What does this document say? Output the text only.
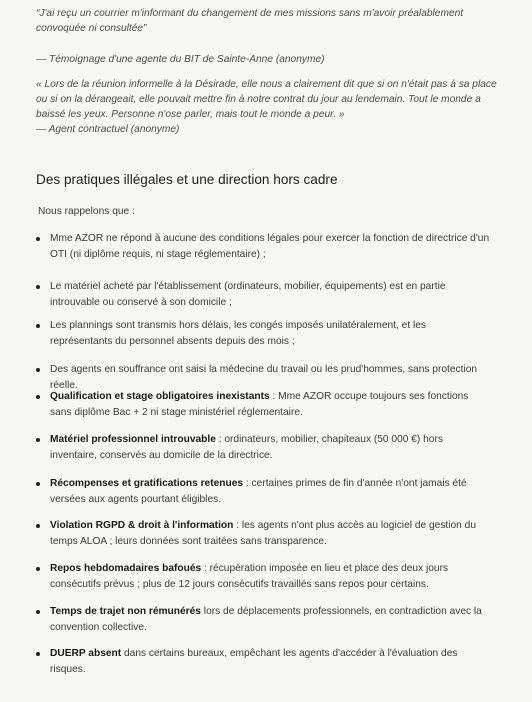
“J'ai reçu un courrier m'informant du changement de mes missions sans m'avoir préalablement convoquée ni consultée”

— Témoignage d'une agente du BIT de Sainte-Anne (anonyme)

« Lors de la réunion informelle à la Désirade, elle nous a clairement dit que si on n'était pas à sa place ou si on la dérangeait, elle pouvait mettre fin à notre contrat du jour au lendemain. Tout le monde a baissé les yeux. Personne n'ose parler, mais tout le monde a peur. »

— Agent contractuel (anonyme)

Des pratiques illégales et une direction hors cadre
Nous rappelons que :
Mme AZOR ne répond à aucune des conditions légales pour exercer la fonction de directrice d'un OTI (ni diplôme requis, ni stage réglementaire) ;
Le matériel acheté par l'établissement (ordinateurs, mobilier, équipements) est en partie introuvable ou conservé à son domicile ;
Les plannings sont transmis hors délais, les congés imposés unilatéralement, et les représentants du personnel absents depuis des mois ;
Des agents en souffrance ont saisi la médecine du travail ou les prud'hommes, sans protection réelle.
Qualification et stage obligatoires inexistants : Mme AZOR occupe toujours ses fonctions sans diplôme Bac + 2 ni stage ministériel réglementaire.
Matériel professionnel introuvable : ordinateurs, mobilier, chapiteaux (50 000 €) hors inventaire, conservés au domicile de la directrice.
Récompenses et gratifications retenues : certaines primes de fin d'année n'ont jamais été versées aux agents pourtant éligibles.
Violation RGPD & droit à l'information : les agents n'ont plus accès au logiciel de gestion du temps ALOA ; leurs données sont traitées sans transparence.
Repos hebdomadaires bafoués : récupération imposée en lieu et place des deux jours consécutifs prévus ; plus de 12 jours consécutifs travaillés sans repos pour certains.
Temps de trajet non rémunérés lors de déplacements professionnels, en contradiction avec la convention collective.
DUERP absent dans certains bureaux, empêchant les agents d'accéder à l'évaluation des risques.
